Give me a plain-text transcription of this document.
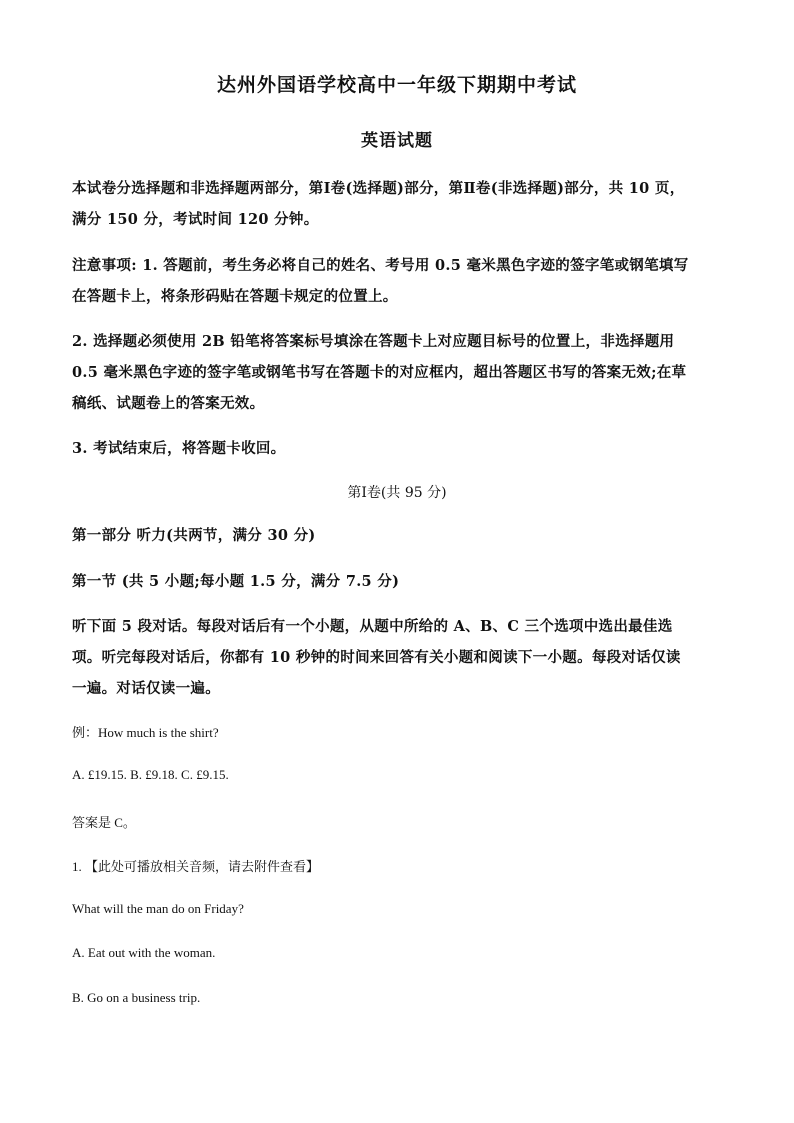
达州外国语学校高中一年级下期期中考试
英语试题
本试卷分选择题和非选择题两部分，第Ⅰ卷(选择题)部分，第Ⅱ卷(非选择题)部分，共 10 页，
满分 150 分，考试时间 120 分钟。
注意事项: 1. 答题前，考生务必将自己的姓名、考号用 0.5 毫米黑色字迹的签字笔或钢笔填写
在答题卡上，将条形码贴在答题卡规定的位置上。
2. 选择题必须使用 2B 铅笔将答案标号填涂在答题卡上对应题目标号的位置上，非选择题用
0.5 毫米黑色字迹的签字笔或钢笔书写在答题卡的对应框内，超出答题区书写的答案无效;在草
稿纸、试题卷上的答案无效。
3. 考试结束后，将答题卡收回。
第Ⅰ卷(共 95 分)
第一部分 听力(共两节，满分 30 分)
第一节 (共 5 小题;每小题 1.5 分，满分 7.5 分)
听下面 5 段对话。每段对话后有一个小题，从题中所给的 A、B、C 三个选项中选出最佳选
项。听完每段对话后，你都有 10 秒钟的时间来回答有关小题和阅读下一小题。每段对话仅读
一遍。对话仅读一遍。
例：How much is the shirt?
A. £19.15. B. £9.18. C. £9.15.
答案是 C。
1. 【此处可播放相关音频，请去附件查看】
What will the man do on Friday?
A. Eat out with the woman.
B. Go on a business trip.
